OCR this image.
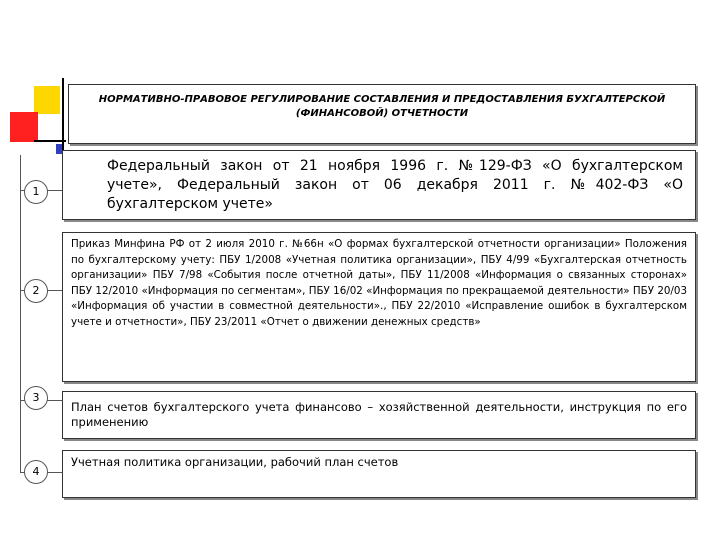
НОРМАТИВНО-ПРАВОВОЕ РЕГУЛИРОВАНИЕ СОСТАВЛЕНИЯ И ПРЕДОСТАВЛЕНИЯ БУХГАЛТЕРСКОЙ (ФИНАНСОВОЙ) ОТЧЕТНОСТИ
Федеральный закон от 21 ноября 1996 г. №129-ФЗ «О бухгалтерском учете», Федеральный закон от 06 декабря 2011 г. №402-ФЗ «О бухгалтерском учете»
1
Приказ Минфина РФ от 2 июля 2010 г. №66н «О формах бухгалтерской отчетности организации» Положения по бухгалтерскому учету: ПБУ 1/2008 «Учетная политика организации», ПБУ 4/99 «Бухгалтерская отчетность организации» ПБУ 7/98 «События после отчетной даты», ПБУ 11/2008 «Информация о связанных сторонах» ПБУ 12/2010 «Информация по сегментам», ПБУ 16/02 «Информация по прекращаемой деятельности» ПБУ 20/03 «Информация об участии в совместной деятельности»., ПБУ 22/2010 «Исправление ошибок в бухгалтерском учете и отчетности», ПБУ 23/2011 «Отчет о движении денежных средств»
2
План счетов бухгалтерского учета финансово – хозяйственной деятельности, инструкция по его применению
3
Учетная политика организации, рабочий план счетов
4
